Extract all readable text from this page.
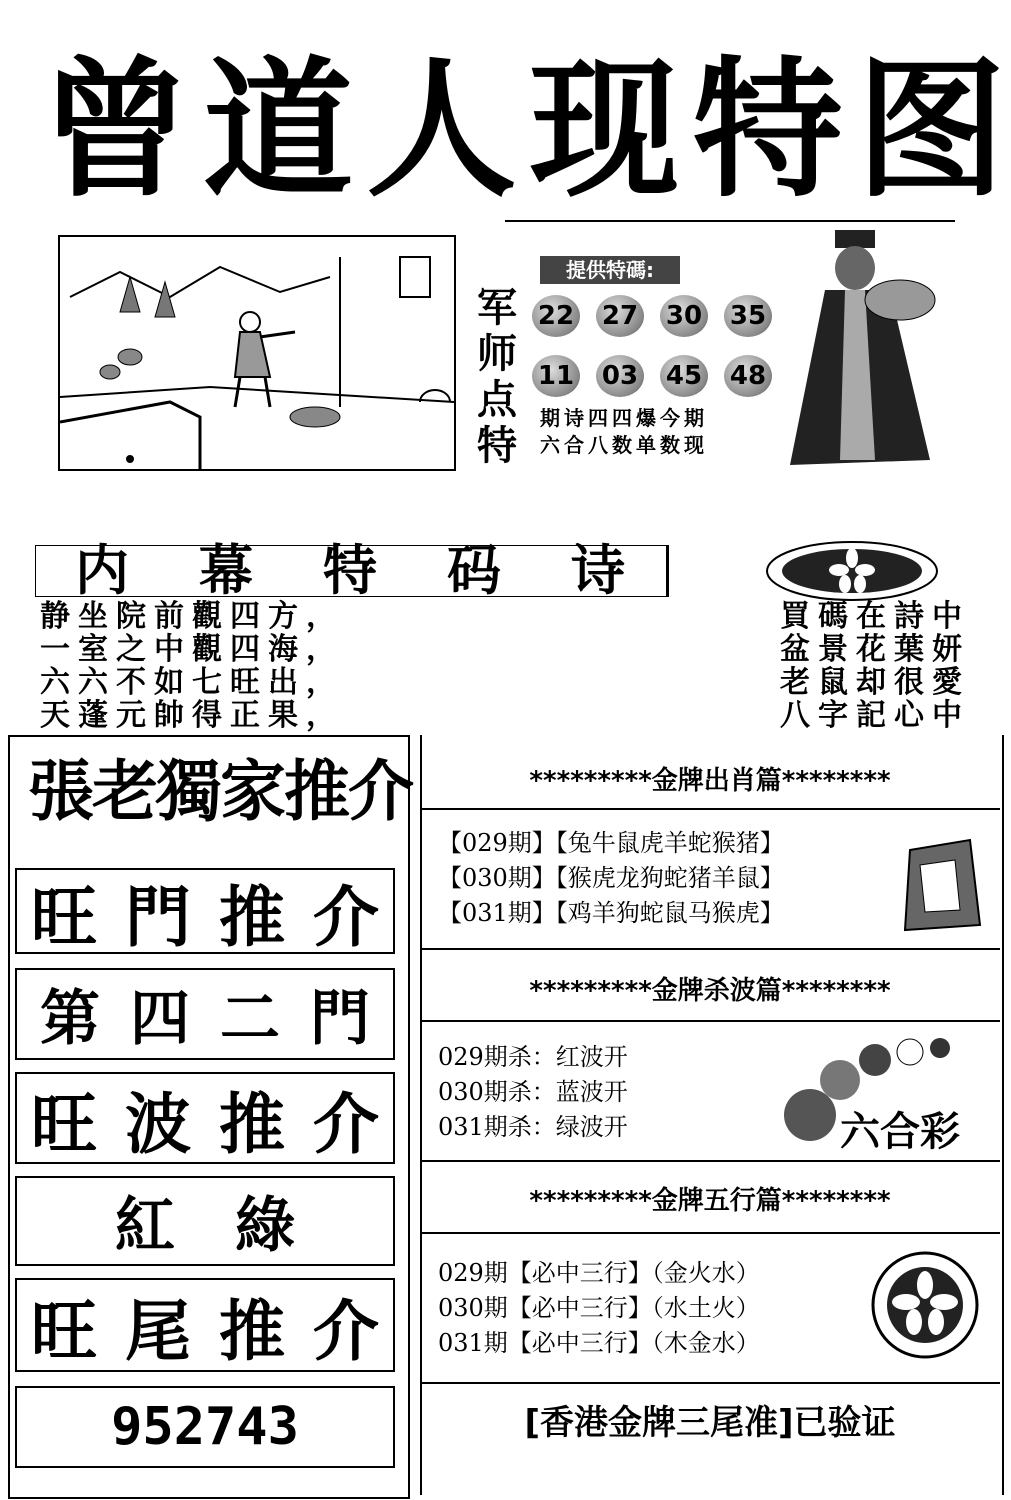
曾 道 人 现 特 图
军
师
点
特
提供特碼:
22 27 30 35
11 03 45 48
期诗四四爆今期
六合八数单数现
内 幕 特 码 诗
静坐院前觀四方，	買碼在詩中
一室之中觀四海，	盆景花葉妍
六六不如七旺出，	老鼠却很愛
天蓬元帥得正果，	八字記心中
張老獨家推介
旺 門 推 介
第 四 二 門
旺 波 推 介
紅 綠
旺 尾 推 介
952743
*********金牌出肖篇********
【029期】【兔牛鼠虎羊蛇猴猪】
【030期】【猴虎龙狗蛇猪羊鼠】
【031期】【鸡羊狗蛇鼠马猴虎】
*********金牌杀波篇********
029期杀：红波开
030期杀：蓝波开
031期杀：绿波开	六合彩
*********金牌五行篇********
029期【必中三行】（金火水）
030期【必中三行】（水土火）
031期【必中三行】（木金水）
[香港金牌三尾准]已验证
